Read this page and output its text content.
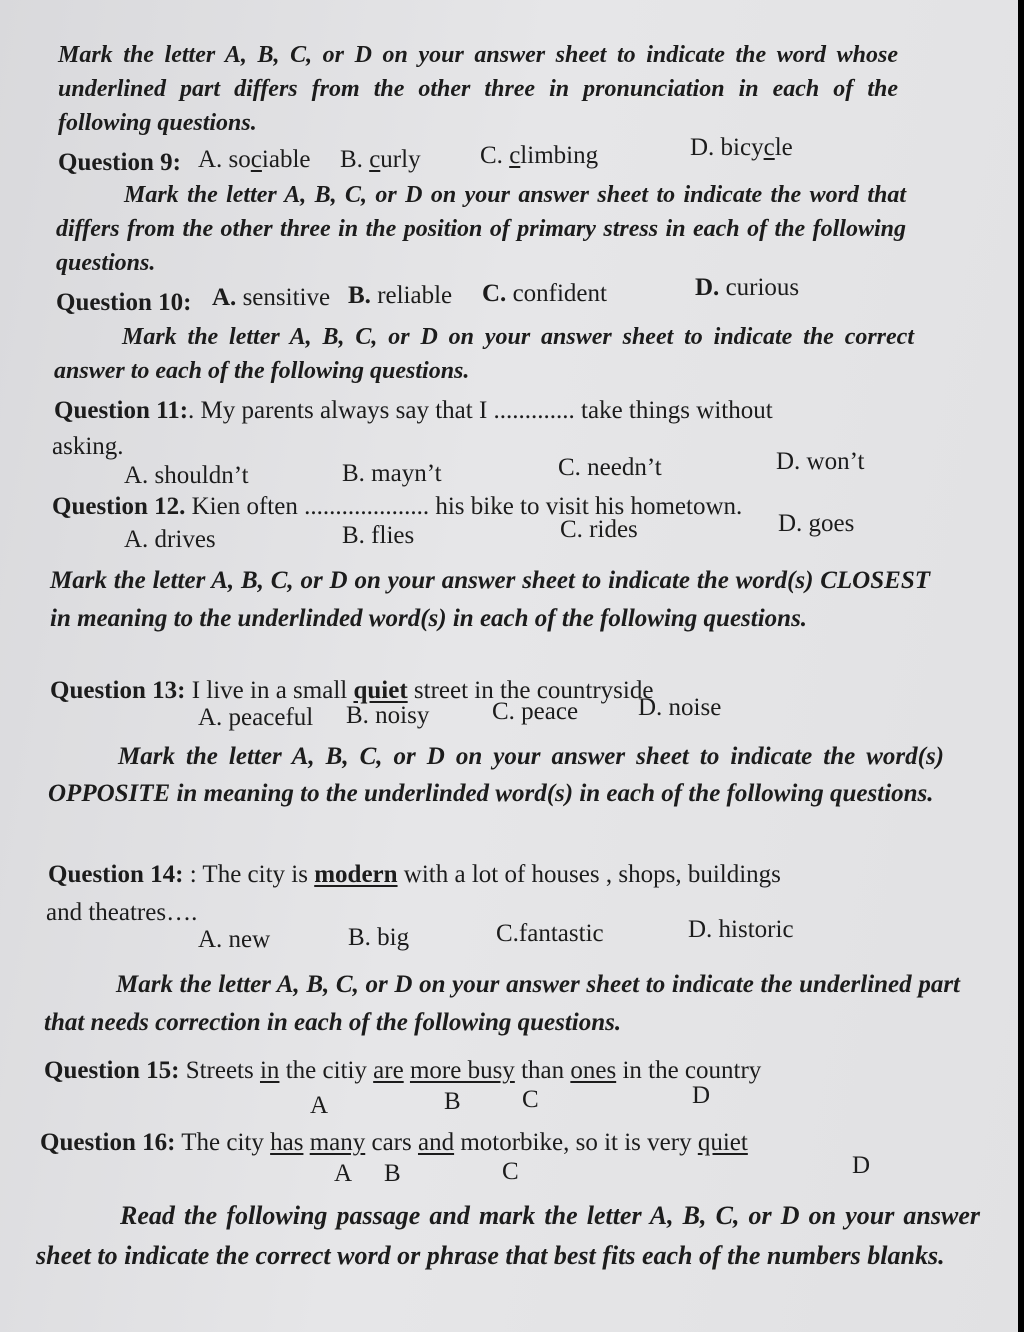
Mark the letter A, B, C, or D on your answer sheet to indicate the word whose underlined part differs from the other three in pronunciation in each of the following questions.
Question 9: A. sociable B. curly C. climbing	D. bicycle
Mark the letter A, B, C, or D on your answer sheet to indicate the word that differs from the other three in the position of primary stress in each of the following questions.
Question 10: A. sensitive B. reliable C. confident	D. curious
Mark the letter A, B, C, or D on your answer sheet to indicate the correct answer to each of the following questions.
Question 11:. My parents always say that I ............. take things without
asking.
A. shouldn’t	B. mayn’t	C. needn’t	D. won’t
Question 12. Kien often .................... his bike to visit his hometown.
A. drives	B. flies	C. rides	D. goes
Mark the letter A, B, C, or D on your answer sheet to indicate the word(s) CLOSEST in meaning to the underlinded word(s) in each of the following questions.
Question 13: I live in a small quiet street in the countryside
A. peaceful B. noisy	C. peace D. noise
Mark the letter A, B, C, or D on your answer sheet to indicate the word(s) OPPOSITE in meaning to the underlinded word(s) in each of the following questions.
Question 14: : The city is modern with a lot of houses , shops, buildings
and theatres….
A. new	B. big	C.fantastic	D. historic
Mark the letter A, B, C, or D on your answer sheet to indicate the underlined part that needs correction in each of the following questions.
Question 15: Streets in the citiy are more busy than ones in the country
A	B C	D
Question 16: The city has many cars and motorbike, so it is very quiet
A B	C	D
Read the following passage and mark the letter A, B, C, or D on your answer sheet to indicate the correct word or phrase that best fits each of the numbers blanks.
